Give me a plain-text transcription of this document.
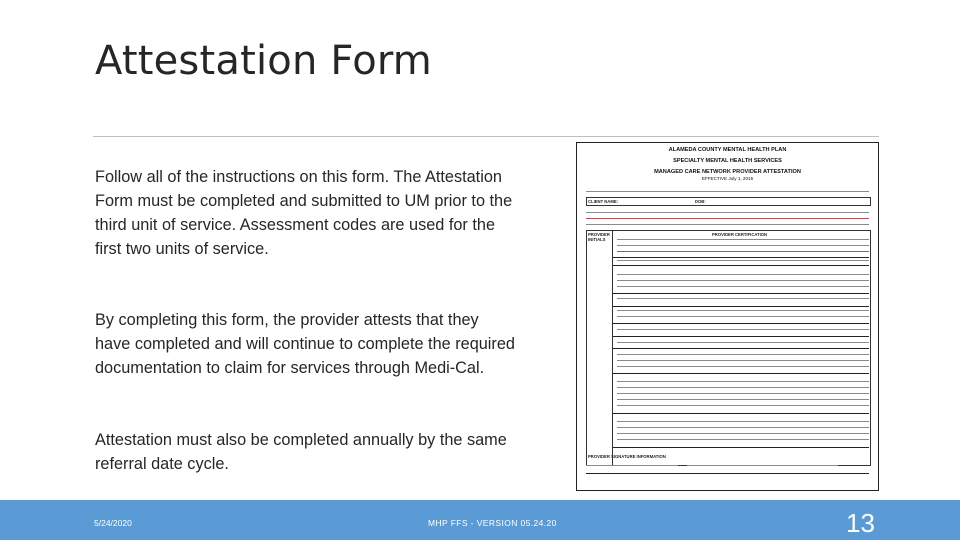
Attestation Form
Follow all of the instructions on this form. The Attestation Form must be completed and submitted to UM prior to the third unit of service. Assessment codes are used for the first two units of service.
By completing this form, the provider attests that they have completed and will continue to complete the required documentation to claim for services through Medi-Cal.
Attestation must also be completed annually by the same referral date cycle.
ALAMEDA COUNTY MENTAL HEALTH PLAN
SPECIALTY MENTAL HEALTH SERVICES
MANAGED CARE NETWORK PROVIDER ATTESTATION
EFFECTIVE July 1, 2015
CLIENT NAME:	DOB:
PROVIDER INITIALS
PROVIDER CERTIFICATION
PROVIDER SIGNATURE INFORMATION
5/24/2020	MHP FFS - VERSION 05.24.20	13
